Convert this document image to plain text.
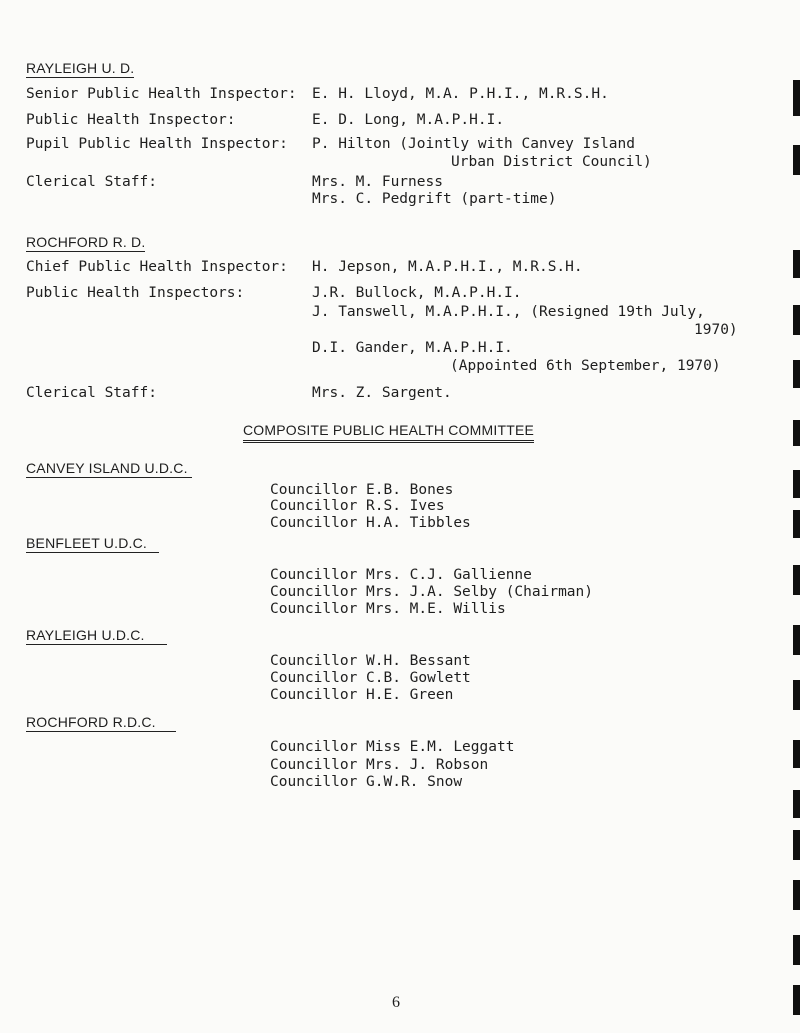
RAYLEIGH U. D.
Senior Public Health Inspector: E. H. Lloyd, M.A. P.H.I., M.R.S.H.
Public Health Inspector:	E. D. Long, M.A.P.H.I.
Pupil Public Health Inspector: P. Hilton (Jointly with Canvey Island
Urban District Council)
Clerical Staff:	Mrs. M. Furness
Mrs. C. Pedgrift (part-time)
ROCHFORD R. D.
Chief Public Health Inspector: H. Jepson, M.A.P.H.I., M.R.S.H.
Public Health Inspectors:	J.R. Bullock, M.A.P.H.I.
J. Tanswell, M.A.P.H.I., (Resigned 19th July,
1970)
D.I. Gander, M.A.P.H.I.
(Appointed 6th September, 1970)
Clerical Staff:	Mrs. Z. Sargent.
COMPOSITE PUBLIC HEALTH COMMITTEE
CANVEY ISLAND U.D.C.
Councillor E.B. Bones
Councillor R.S. Ives
Councillor H.A. Tibbles
BENFLEET U.D.C.
Councillor Mrs. C.J. Gallienne
Councillor Mrs. J.A. Selby (Chairman)
Councillor Mrs. M.E. Willis
RAYLEIGH U.D.C.
Councillor W.H. Bessant
Councillor C.B. Gowlett
Councillor H.E. Green
ROCHFORD R.D.C.
Councillor Miss E.M. Leggatt
Councillor Mrs. J. Robson
Councillor G.W.R. Snow
6
